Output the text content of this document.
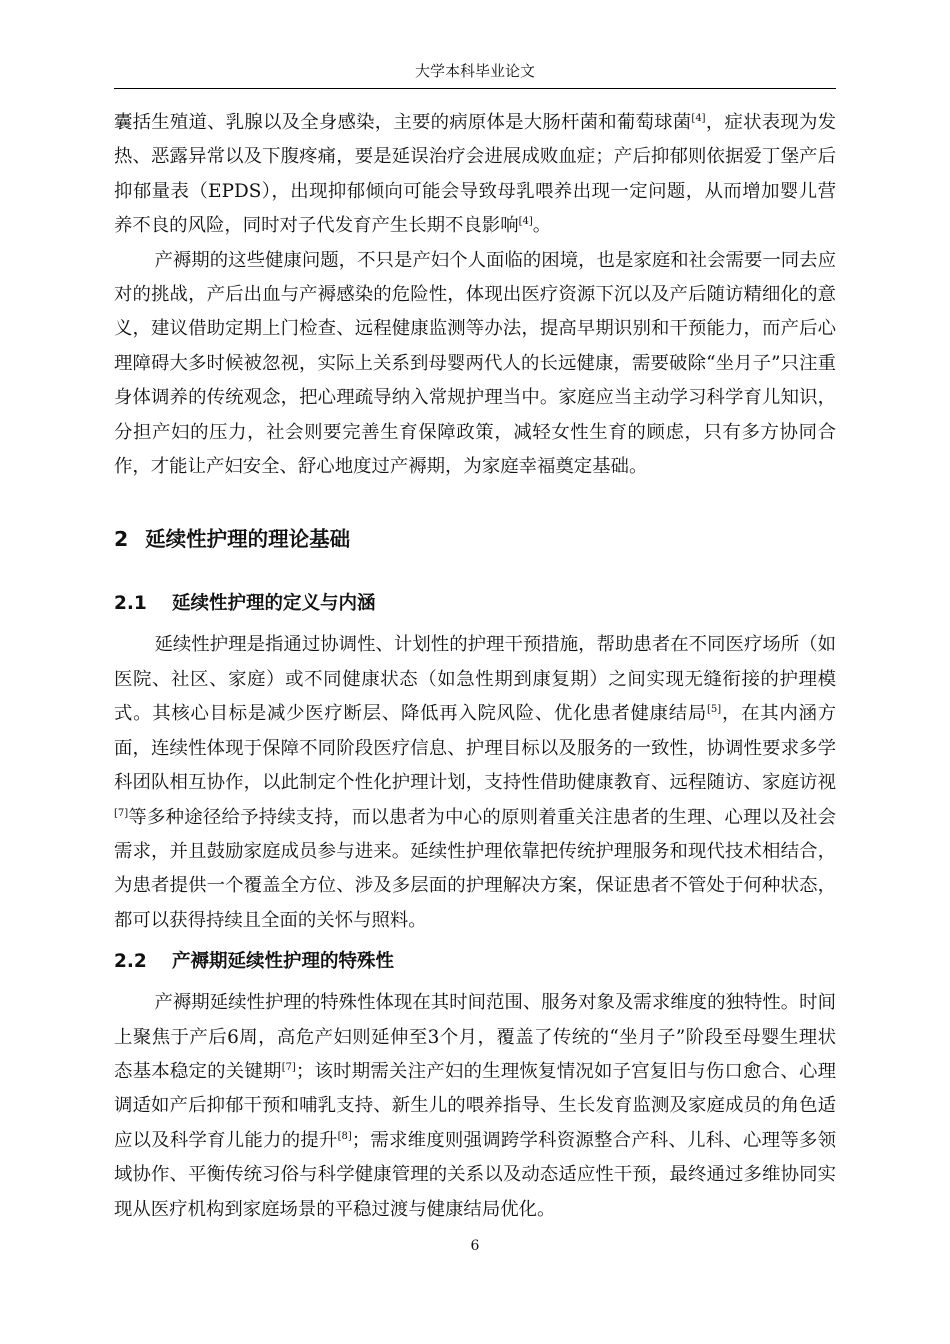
大学本科毕业论文

囊括生殖道、乳腺以及全身感染，主要的病原体是大肠杆菌和葡萄球菌[4]，症状表现为发热、恶露异常以及下腹疼痛，要是延误治疗会进展成败血症；产后抑郁则依据爱丁堡产后抑郁量表（EPDS），出现抑郁倾向可能会导致母乳喂养出现一定问题，从而增加婴儿营养不良的风险，同时对子代发育产生长期不良影响[4]。

产褥期的这些健康问题，不只是产妇个人面临的困境，也是家庭和社会需要一同去应对的挑战，产后出血与产褥感染的危险性，体现出医疗资源下沉以及产后随访精细化的意义，建议借助定期上门检查、远程健康监测等办法，提高早期识别和干预能力，而产后心理障碍大多时候被忽视，实际上关系到母婴两代人的长远健康，需要破除“坐月子”只注重身体调养的传统观念，把心理疏导纳入常规护理当中。家庭应当主动学习科学育儿知识，分担产妇的压力，社会则要完善生育保障政策，减轻女性生育的顾虑，只有多方协同合作，才能让产妇安全、舒心地度过产褥期，为家庭幸福奠定基础。

2 延续性护理的理论基础
2.1 延续性护理的定义与内涵

延续性护理是指通过协调性、计划性的护理干预措施，帮助患者在不同医疗场所（如医院、社区、家庭）或不同健康状态（如急性期到康复期）之间实现无缝衔接的护理模式。其核心目标是减少医疗断层、降低再入院风险、优化患者健康结局[5]，在其内涵方面，连续性体现于保障不同阶段医疗信息、护理目标以及服务的一致性，协调性要求多学科团队相互协作，以此制定个性化护理计划，支持性借助健康教育、远程随访、家庭访视[7]等多种途径给予持续支持，而以患者为中心的原则着重关注患者的生理、心理以及社会需求，并且鼓励家庭成员参与进来。延续性护理依靠把传统护理服务和现代技术相结合，为患者提供一个覆盖全方位、涉及多层面的护理解决方案，保证患者不管处于何种状态，都可以获得持续且全面的关怀与照料。

2.2 产褥期延续性护理的特殊性

产褥期延续性护理的特殊性体现在其时间范围、服务对象及需求维度的独特性。时间上聚焦于产后6周，高危产妇则延伸至3个月，覆盖了传统的“坐月子”阶段至母婴生理状态基本稳定的关键期[7]；该时期需关注产妇的生理恢复情况如子宫复旧与伤口愈合、心理调适如产后抑郁干预和哺乳支持、新生儿的喂养指导、生长发育监测及家庭成员的角色适应以及科学育儿能力的提升[8]；需求维度则强调跨学科资源整合产科、儿科、心理等多领域协作、平衡传统习俗与科学健康管理的关系以及动态适应性干预，最终通过多维协同实现从医疗机构到家庭场景的平稳过渡与健康结局优化。

6
